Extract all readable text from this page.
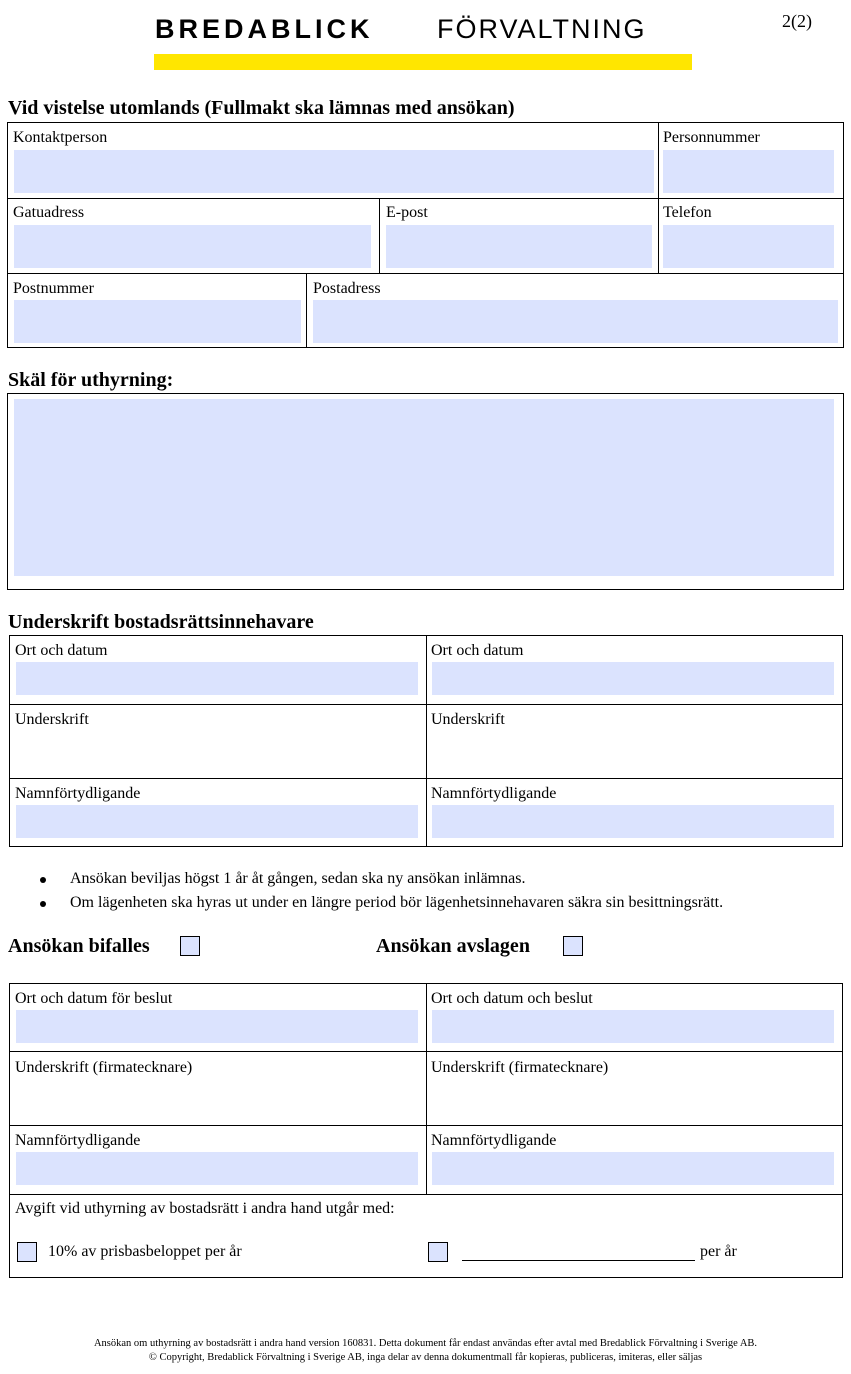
BREDABLICK FÖRVALTNING	2(2)
Vid vistelse utomlands (Fullmakt ska lämnas med ansökan)
Kontaktperson	Personnummer
Gatuadress	E-post	Telefon
Postnummer	Postadress
Skäl för uthyrning:
Underskrift bostadsrättsinnehavare
Ort och datum	Ort och datum
Underskrift	Underskrift
Namnförtydligande	Namnförtydligande
Ansökan beviljas högst 1 år åt gången, sedan ska ny ansökan inlämnas.
Om lägenheten ska hyras ut under en längre period bör lägenhetsinnehavaren säkra sin besittningsrätt.
Ansökan bifalles	Ansökan avslagen
Ort och datum för beslut	Ort och datum och beslut
Underskrift (firmatecknare)	Underskrift (firmatecknare)
Namnförtydligande	Namnförtydligande
Avgift vid uthyrning av bostadsrätt i andra hand utgår med:
10% av prisbasbeloppet per år	per år
Ansökan om uthyrning av bostadsrätt i andra hand version 160831. Detta dokument får endast användas efter avtal med Bredablick Förvaltning i Sverige AB.
© Copyright, Bredablick Förvaltning i Sverige AB, inga delar av denna dokumentmall får kopieras, publiceras, imiteras, eller säljas
